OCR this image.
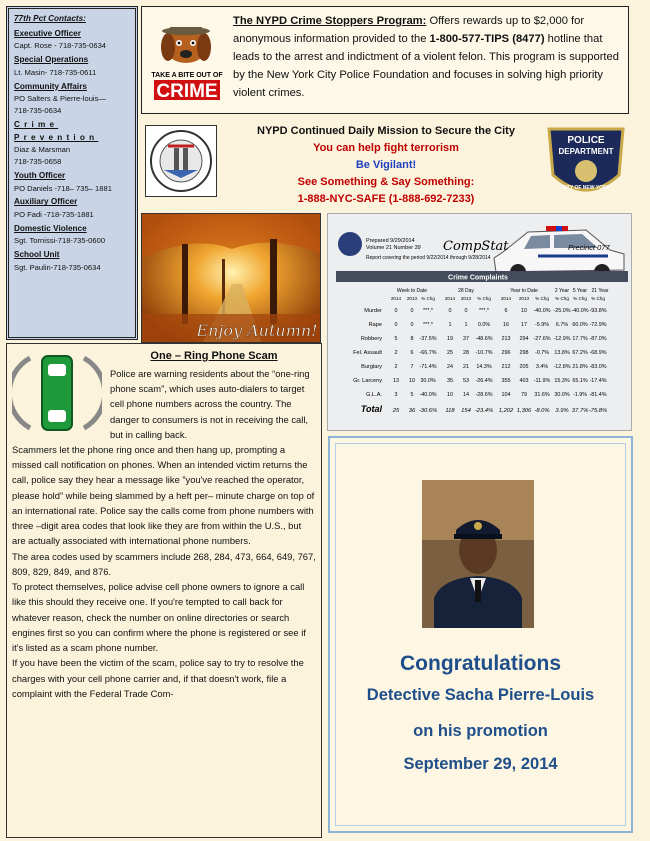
77th Pct Contacts:
Executive Officer
Capt. Rose - 718-735-0634
Special Operations
Lt. Masin- 718-735-0611
Community Affairs
PO Salters & Pierre-louis—
718-735-0634
Crime Prevention
Diaz & Marsman
718-735-0658
Youth Officer
PO Daniels -718– 735– 1881
Auxiliary Officer
PO Fadi -718-735-1881
Domestic Violence
Sgt. Tornissi-718-735-0600
School Unit
Sgt. Paulin-718-735-0634
TAKE A BITE OUT OF
CRIME
The NYPD Crime Stoppers Program: Offers rewards up to $2,000 for anonymous information provided to the 1-800-577-TIPS (8477) hotline that leads to the arrest and indictment of a violent felon. This program is supported by the New York City Police Foundation and focuses in solving high priority violent crimes.
NYPD Continued Daily Mission to Secure the City
You can help fight terrorism
Be Vigilant!
See Something & Say Something:
1-888-NYC-SAFE (1-888-692-7233)
POLICE
DEPARTMENT
CITY OF NEW YORK
Enjoy Autumn!
Prepared 9/29/2014
Volume 21 Number 39 CompStat
Report covering the period 9/22/2014 through 9/28/2014
Precinct 077
Crime Complaints
Week to Date	28 Day	Year to Date	2 Year 5 Year 21 Year
2014 2013 % Chg 2014 2013 % Chg 2014 2013 % Chg % Chg % Chg % Chg
Murder 0 0 ***.*	0 0 ***.*	6	10 -40.0% -25.0% -40.0% -93.8%
Rape 0 0 ***.*	1 1 0.0% 16 17 -5.9% 6.7% 60.0% -72.9%
Robbery 5 8 -37.5% 19 37 -48.6% 213 294 -27.6% -12.9% 17.7% -87.0%
Fel. Assault 2 6 -66.7% 25 28 -10.7% 296 298 -0.7% 13.8% 67.2% -68.9%
Burglary 2 7 -71.4% 24 21 14.3% 212 205 3.4% -12.8% 21.8% -83.0%
Gr. Larceny 13 10 30.0% 35 53 -26.4% 355 403 -11.9% 15.3% 65.1% -17.4%
G.L.A. 3 5 -40.0% 10 14 -28.6% 104 79 31.6% 30.0% -1.9% -81.4%
Total 25 36 -30.6% 118 154 -23.4% 1,202 1,306 -8.0% 3.9% 37.7% -75.8%
One – Ring Phone Scam

Police are warning residents about the “one-ring phone scam”, which uses auto-dialers to target cell phone numbers across the country. The danger to consumers is not in receiving the call, but in calling back.

Scammers let the phone ring once and then hang up, prompting a missed call notification on phones. When an intended victim returns the call, police say they hear a message like ”you've reached the operator, please hold” while being slammed by a heft per– minute charge on top of an international rate. Police say the calls come from phone numbers with three –digit area codes that look like they are from within the U.S., but are actually associated with international phone numbers.

The area codes used by scammers include 268, 284, 473, 664, 649, 767, 809, 829, 849, and 876.

To protect themselves, police advise cell phone owners to ignore a call like this should they receive one. If you're tempted to call back for whatever reason, check the number on online directories or search engines first so you can confirm where the phone is registered or see if it's listed as a scam phone number.

If you have been the victim of the scam, police say to try to resolve the charges with your cell phone carrier and, if that doesn't work, file a complaint with the Federal Trade Com-

Congratulations
Detective Sacha Pierre-Louis
on his promotion
September 29, 2014
